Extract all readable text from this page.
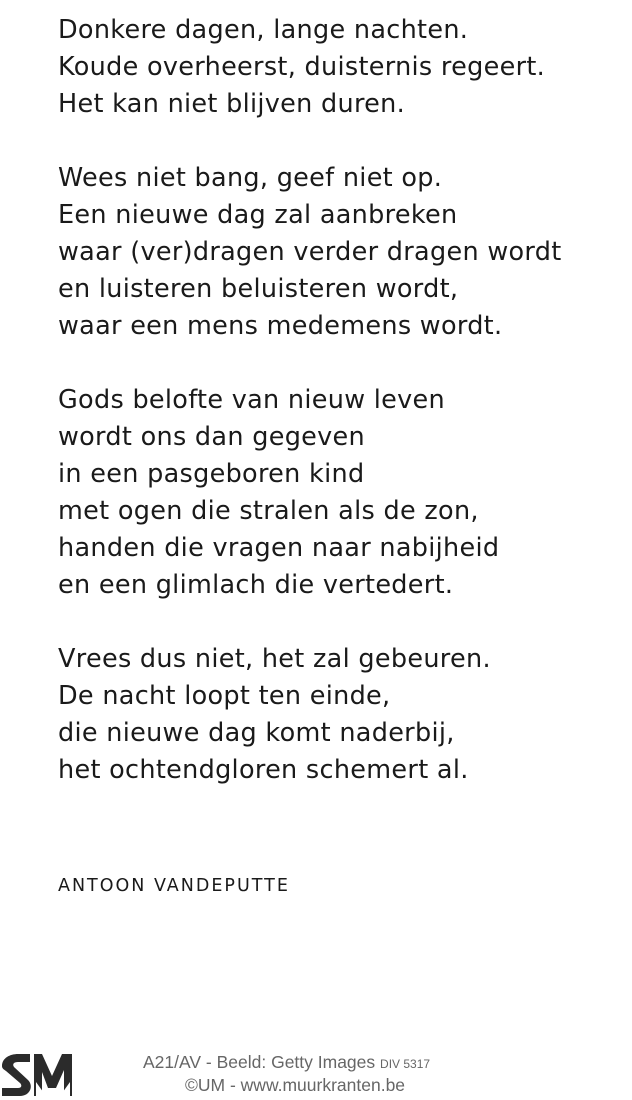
Donkere dagen, lange nachten.
Koude overheerst, duisternis regeert.
Het kan niet blijven duren.
Wees niet bang, geef niet op.
Een nieuwe dag zal aanbreken
waar (ver)dragen verder dragen wordt
en luisteren beluisteren wordt,
waar een mens medemens wordt.
Gods belofte van nieuw leven
wordt ons dan gegeven
in een pasgeboren kind
met ogen die stralen als de zon,
handen die vragen naar nabijheid
en een glimlach die vertedert.
Vrees dus niet, het zal gebeuren.
De nacht loopt ten einde,
die nieuwe dag komt naderbij,
het ochtendgloren schemert al.
ANTOON VANDEPUTTE
A21/AV - Beeld: Getty Images DIV 5317
©UM - www.muurkranten.be
